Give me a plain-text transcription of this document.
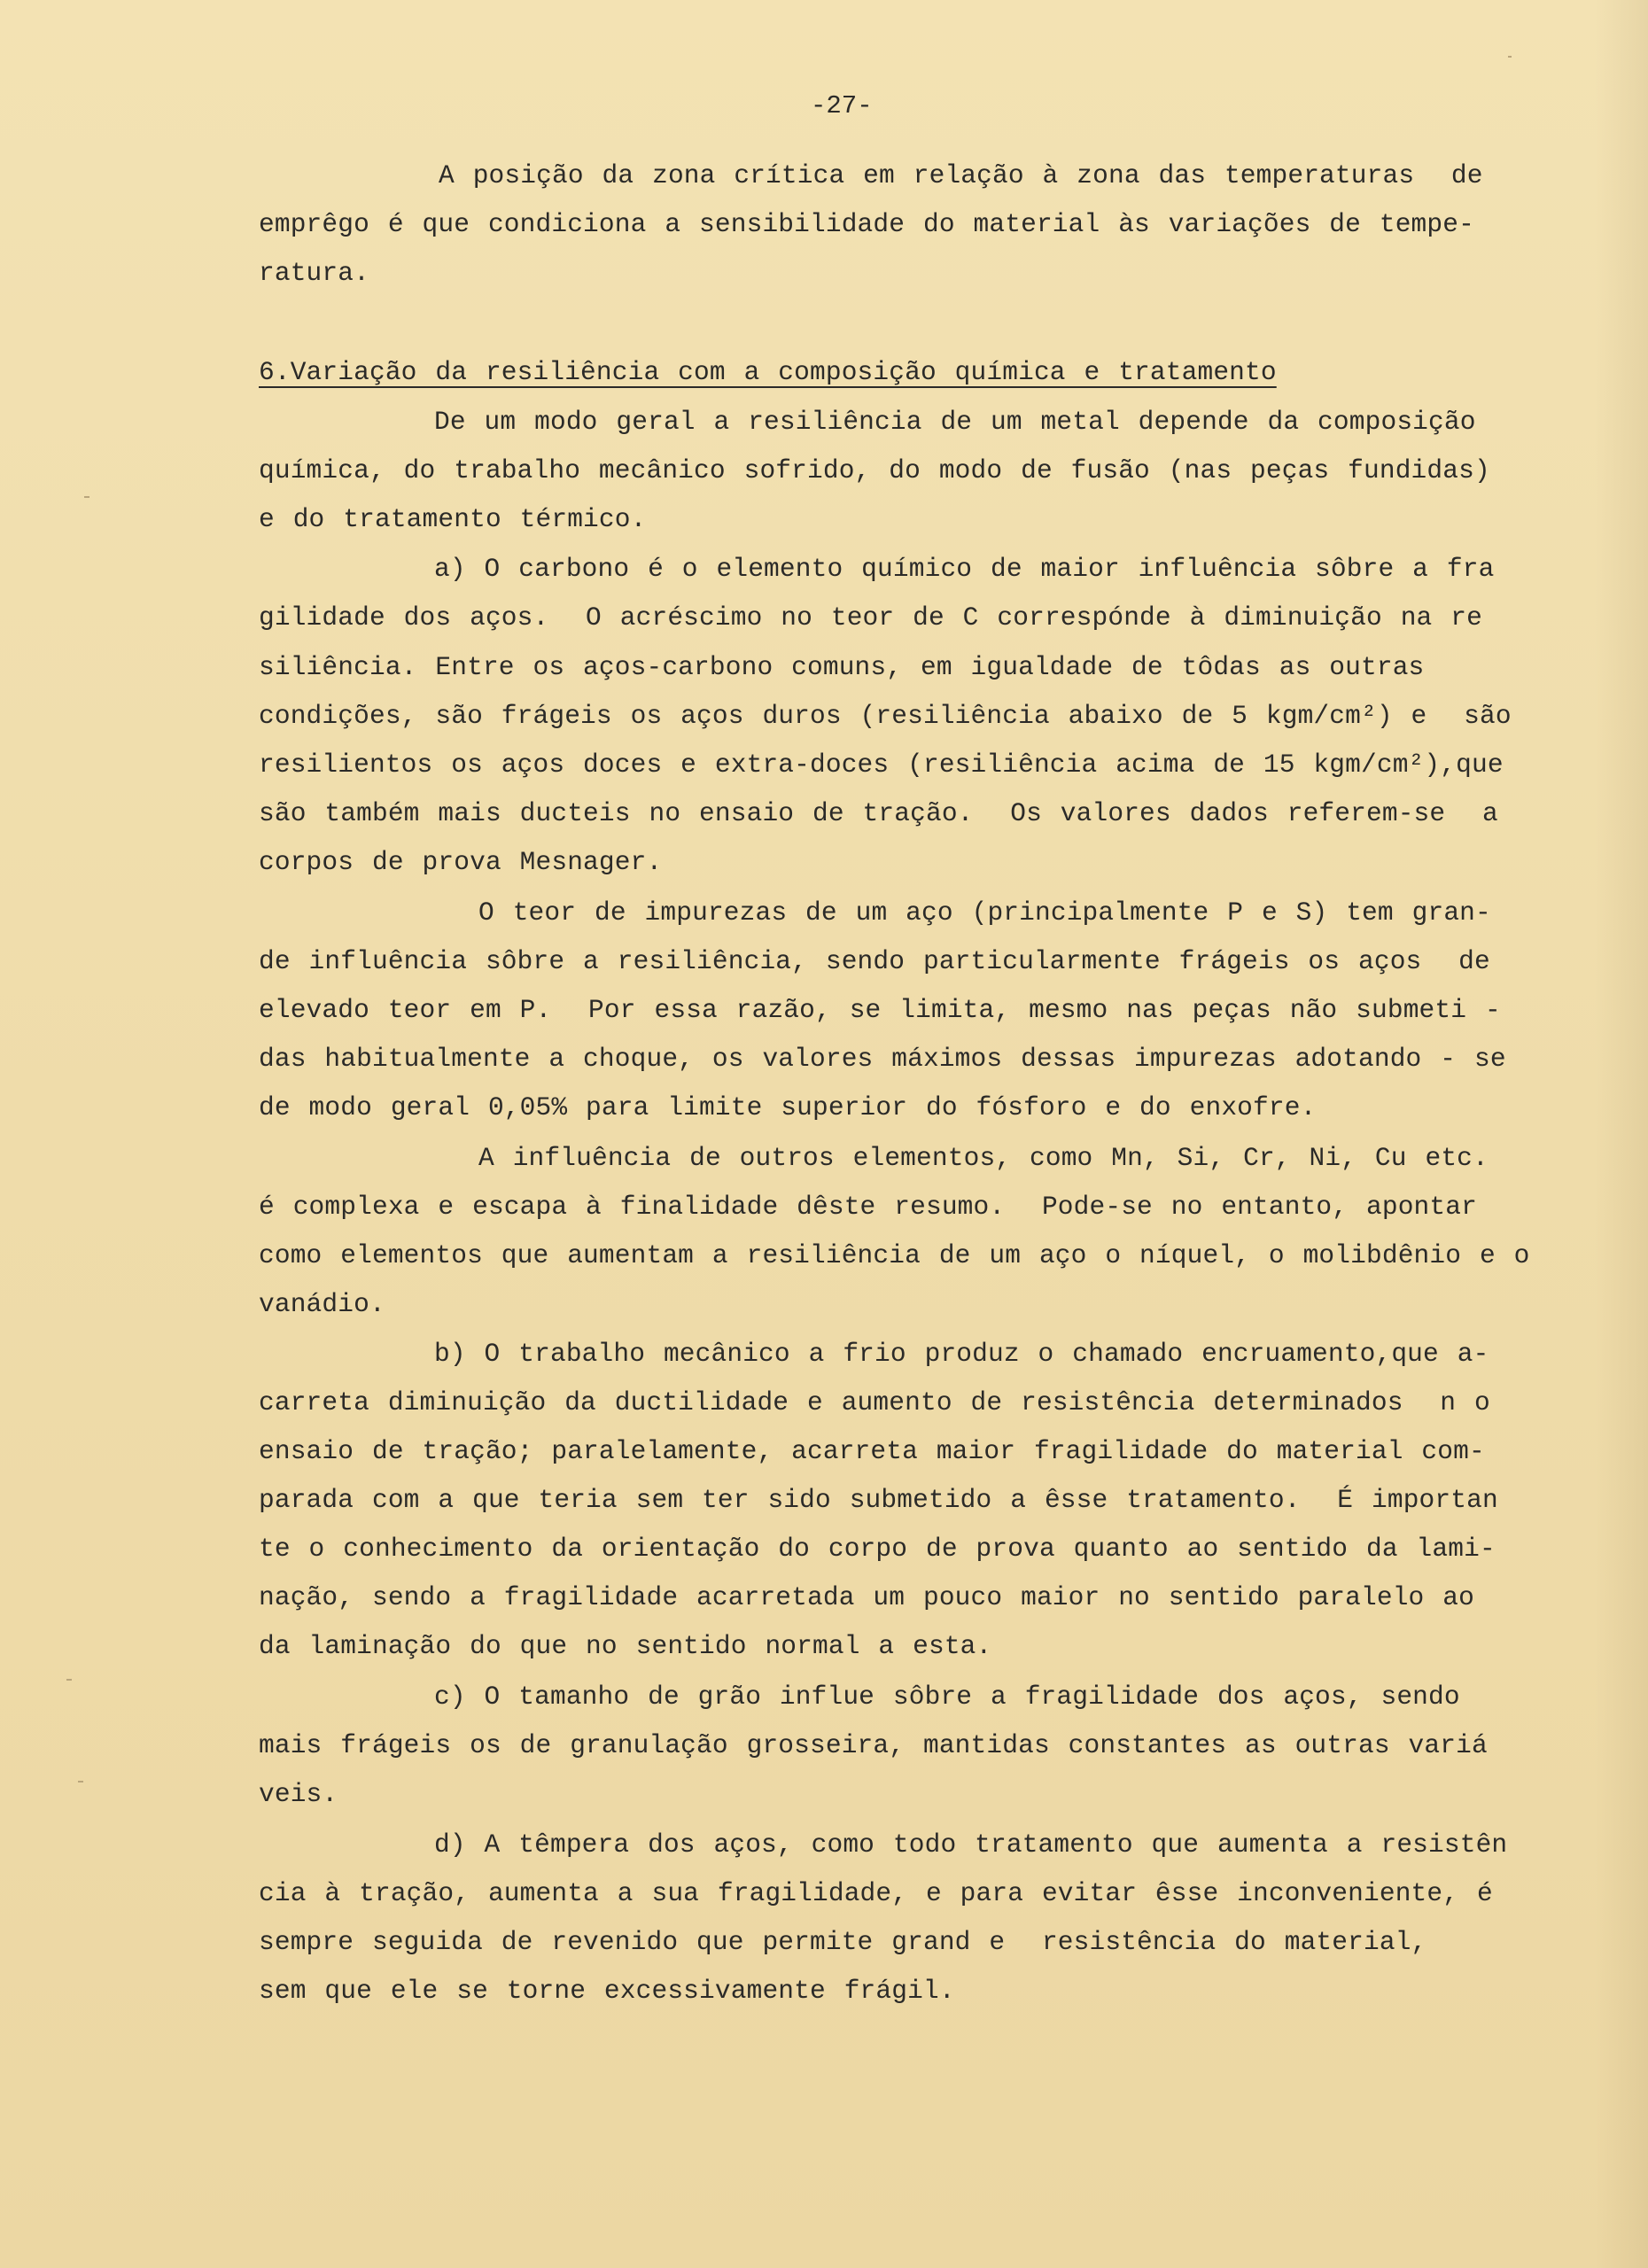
-27-
A posição da zona crítica em relação à zona das temperaturas  de
emprêgo é que condiciona a sensibilidade do material às variações de tempe-
ratura.
6.Variação da resiliência com a composição química e tratamento
De um modo geral a resiliência de um metal depende da composição
química, do trabalho mecânico sofrido, do modo de fusão (nas peças fundidas)
e do tratamento térmico.
a) O carbono é o elemento químico de maior influência sôbre a fra
gilidade dos aços.  O acréscimo no teor de C correspónde à diminuição na re
siliência. Entre os aços-carbono comuns, em igualdade de tôdas as outras
condições, são frágeis os aços duros (resiliência abaixo de 5 kgm/cm²) e  são
resilientos os aços doces e extra-doces (resiliência acima de 15 kgm/cm²),que
são também mais ducteis no ensaio de tração.  Os valores dados referem-se  a
corpos de prova Mesnager.
O teor de impurezas de um aço (principalmente P e S) tem gran-
de influência sôbre a resiliência, sendo particularmente frágeis os aços  de
elevado teor em P.  Por essa razão, se limita, mesmo nas peças não submeti -
das habitualmente a choque, os valores máximos dessas impurezas adotando - se
de modo geral 0,05% para limite superior do fósforo e do enxofre.
A influência de outros elementos, como Mn, Si, Cr, Ni, Cu etc.
é complexa e escapa à finalidade dêste resumo.  Pode-se no entanto, apontar
como elementos que aumentam a resiliência de um aço o níquel, o molibdênio e o
vanádio.
b) O trabalho mecânico a frio produz o chamado encruamento,que a-
carreta diminuição da ductilidade e aumento de resistência determinados  n o
ensaio de tração; paralelamente, acarreta maior fragilidade do material com-
parada com a que teria sem ter sido submetido a êsse tratamento.  É importan
te o conhecimento da orientação do corpo de prova quanto ao sentido da lami-
nação, sendo a fragilidade acarretada um pouco maior no sentido paralelo ao
da laminação do que no sentido normal a esta.
c) O tamanho de grão influe sôbre a fragilidade dos aços, sendo
mais frágeis os de granulação grosseira, mantidas constantes as outras variá
veis.
d) A têmpera dos aços, como todo tratamento que aumenta a resistên
cia à tração, aumenta a sua fragilidade, e para evitar êsse inconveniente, é
sempre seguida de revenido que permite grand e  resistência do material,
sem que ele se torne excessivamente frágil.
